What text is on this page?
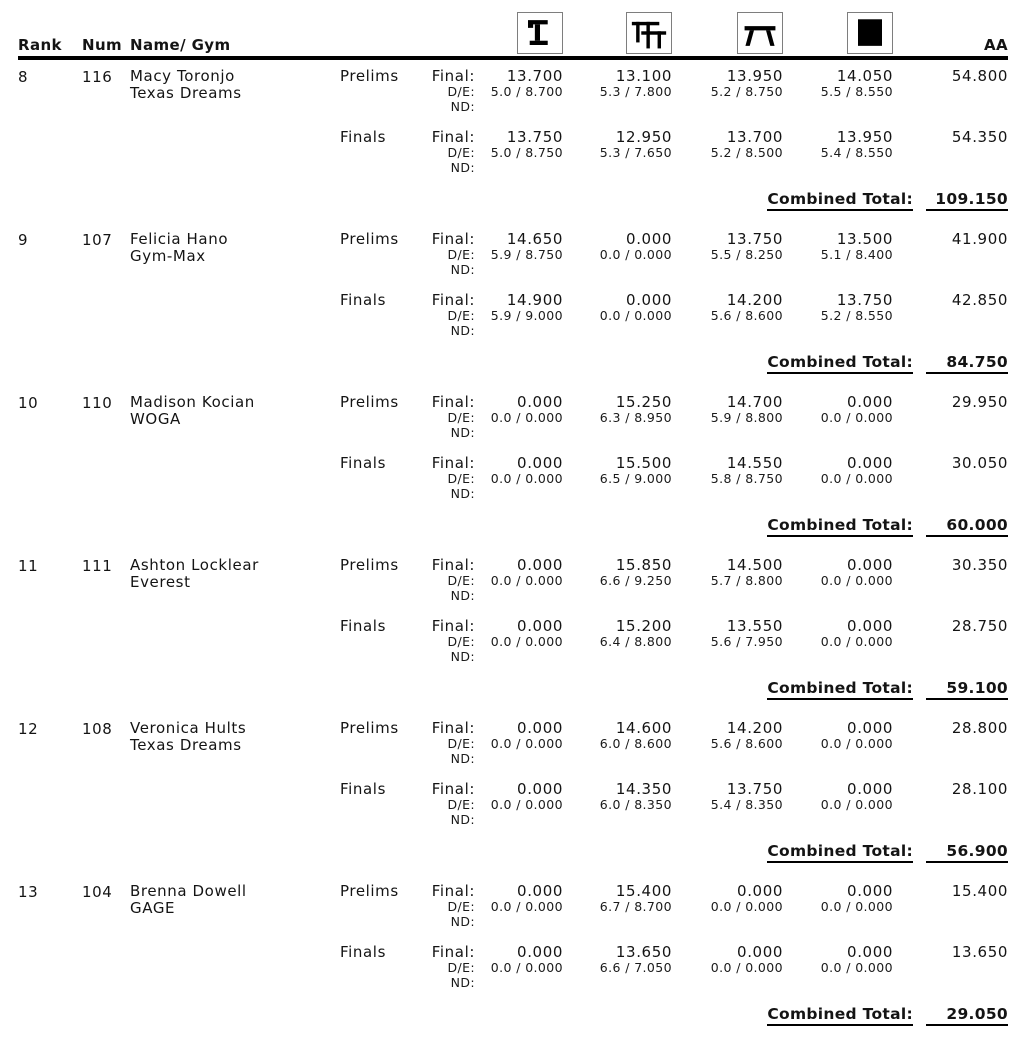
Rank	Num Name/ Gym	AA
8	116	Macy Toronjo
Texas Dreams
Prelims	Final:	13.700	13.100	13.950	14.050	54.800
D/E:	5.0 / 8.700	5.3 / 7.800	5.2 / 8.750	5.5 / 8.550
ND:
Finals	Final:	13.750	12.950	13.700	13.950	54.350
D/E:	5.0 / 8.750	5.3 / 7.650	5.2 / 8.500	5.4 / 8.550
ND:
Combined Total:	109.150
9	107	Felicia Hano
Gym-Max
Prelims	Final:	14.650	0.000	13.750	13.500	41.900
D/E:	5.9 / 8.750	0.0 / 0.000	5.5 / 8.250	5.1 / 8.400
ND:
Finals	Final:	14.900	0.000	14.200	13.750	42.850
D/E:	5.9 / 9.000	0.0 / 0.000	5.6 / 8.600	5.2 / 8.550
ND:
Combined Total:	84.750
10	110	Madison Kocian
WOGA
Prelims	Final:	0.000	15.250	14.700	0.000	29.950
D/E:	0.0 / 0.000	6.3 / 8.950	5.9 / 8.800	0.0 / 0.000
ND:
Finals	Final:	0.000	15.500	14.550	0.000	30.050
D/E:	0.0 / 0.000	6.5 / 9.000	5.8 / 8.750	0.0 / 0.000
ND:
Combined Total:	60.000
11	111	Ashton Locklear
Everest
Prelims	Final:	0.000	15.850	14.500	0.000	30.350
D/E:	0.0 / 0.000	6.6 / 9.250	5.7 / 8.800	0.0 / 0.000
ND:
Finals	Final:	0.000	15.200	13.550	0.000	28.750
D/E:	0.0 / 0.000	6.4 / 8.800	5.6 / 7.950	0.0 / 0.000
ND:
Combined Total:	59.100
12	108	Veronica Hults
Texas Dreams
Prelims	Final:	0.000	14.600	14.200	0.000	28.800
D/E:	0.0 / 0.000	6.0 / 8.600	5.6 / 8.600	0.0 / 0.000
ND:
Finals	Final:	0.000	14.350	13.750	0.000	28.100
D/E:	0.0 / 0.000	6.0 / 8.350	5.4 / 8.350	0.0 / 0.000
ND:
Combined Total:	56.900
13	104	Brenna Dowell
GAGE
Prelims	Final:	0.000	15.400	0.000	0.000	15.400
D/E:	0.0 / 0.000	6.7 / 8.700	0.0 / 0.000	0.0 / 0.000
ND:
Finals	Final:	0.000	13.650	0.000	0.000	13.650
D/E:	0.0 / 0.000	6.6 / 7.050	0.0 / 0.000	0.0 / 0.000
ND:
Combined Total:	29.050
